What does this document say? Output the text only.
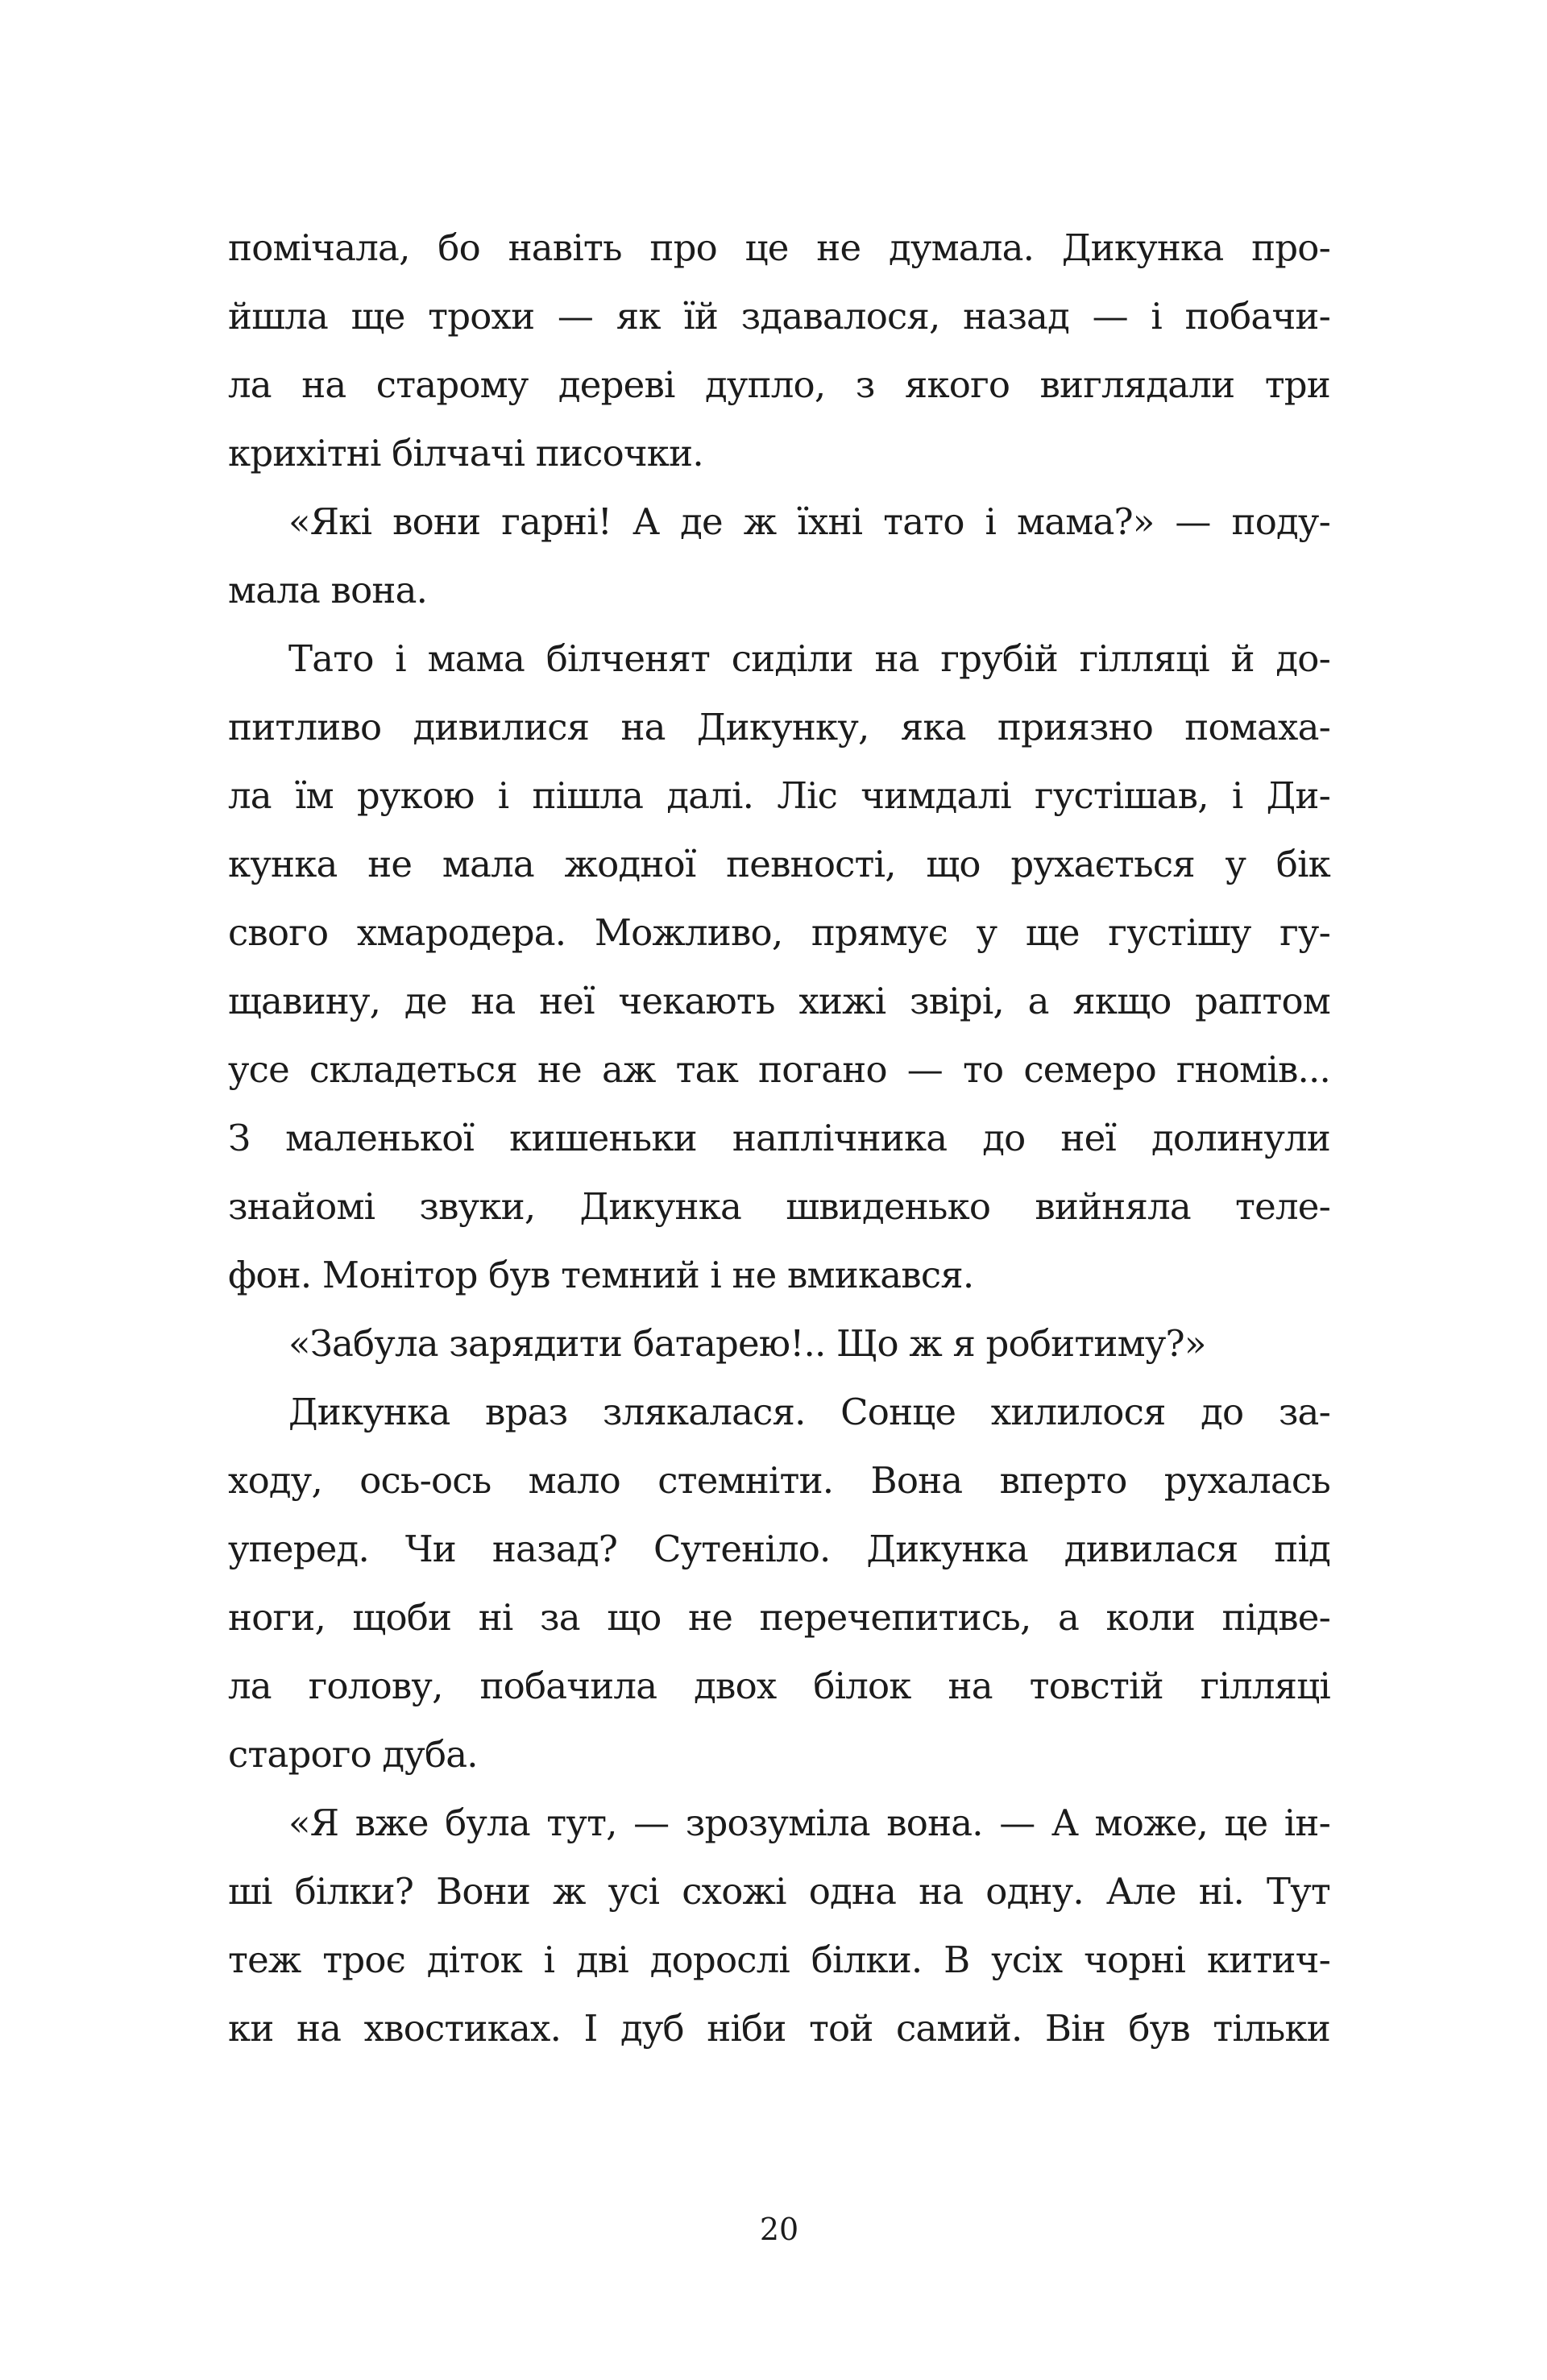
помічала, бо навіть про це не думала. Дикунка про-
йшла ще трохи — як їй здавалося, назад — і побачи-
ла на старому дереві дупло, з якого виглядали три
крихітні білчачі писочки.
«Які вони гарні! А де ж їхні тато і мама?» — поду-
мала вона.
Тато і мама білченят сиділи на грубій гілляці й до-
питливо дивилися на Дикунку, яка приязно помаха-
ла їм рукою і пішла далі. Ліс чимдалі густішав, і Ди-
кунка не мала жодної певності, що рухається у бік
свого хмародера. Можливо, прямує у ще густішу гу-
щавину, де на неї чекають хижі звірі, а якщо раптом
усе складеться не аж так погано — то семеро гномів...
З маленької кишеньки наплічника до неї долинули
знайомі звуки, Дикунка швиденько вийняла теле-
фон. Монітор був темний і не вмикався.
«Забула зарядити батарею!.. Що ж я робитиму?»
Дикунка враз злякалася. Сонце хилилося до за-
ходу, ось-ось мало стемніти. Вона вперто рухалась
уперед. Чи назад? Сутеніло. Дикунка дивилася під
ноги, щоби ні за що не перечепитись, а коли підве-
ла голову, побачила двох білок на товстій гілляці
старого дуба.
«Я вже була тут, — зрозуміла вона. — А може, це ін-
ші білки? Вони ж усі схожі одна на одну. Але ні. Тут
теж троє діток і дві дорослі білки. В усіх чорні китич-
ки на хвостиках. І дуб ніби той самий. Він був тільки
20
